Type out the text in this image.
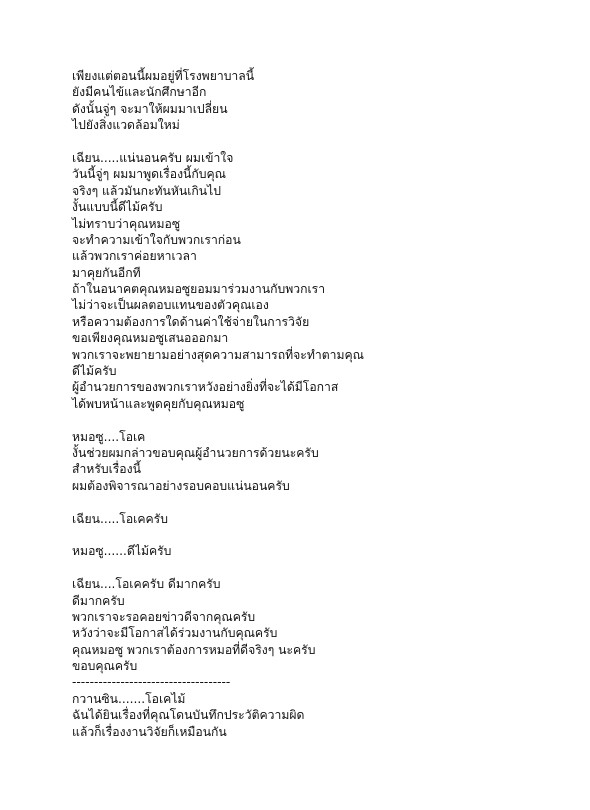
เพียงแต่ตอนนี้ผมอยู่ที่โรงพยาบาลนี้
ยังมีคนไข้และนักศึกษาอีก
ดังนั้นจู่ๆ จะมาให้ผมมาเปลี่ยน
ไปยังสิ่งแวดล้อมใหม่
เฉียน.....แน่นอนครับ ผมเข้าใจ
วันนี้จู่ๆ ผมมาพูดเรื่องนี้กับคุณ
จริงๆ แล้วมันกะทันหันเกินไป
งั้นแบบนี้ดีไม้ครับ
ไม่ทราบว่าคุณหมอซู
จะทำความเข้าใจกับพวกเราก่อน
แล้วพวกเราค่อยหาเวลา
มาคุยกันอีกที
ถ้าในอนาคตคุณหมอซูยอมมาร่วมงานกับพวกเรา
ไม่ว่าจะเป็นผลตอบแทนของตัวคุณเอง
หรือความต้องการใดด้านค่าใช้จ่ายในการวิจัย
ขอเพียงคุณหมอซูเสนอออกมา
พวกเราจะพยายามอย่างสุดความสามารถที่จะทำตามคุณ
ดีไม้ครับ
ผู้อำนวยการของพวกเราหวังอย่างยิ่งที่จะได้มีโอกาส
ได้พบหน้าและพูดคุยกับคุณหมอซู
หมอซู....โอเค
งั้นช่วยผมกล่าวขอบคุณผู้อำนวยการด้วยนะครับ
สำหรับเรื่องนี้
ผมต้องพิจารณาอย่างรอบคอบแน่นอนครับ
เฉียน.....โอเคครับ
หมอซู......ดีไม้ครับ
เฉียน....โอเคครับ ดีมากครับ
ดีมากครับ
พวกเราจะรอคอยข่าวดีจากคุณครับ
หวังว่าจะมีโอกาสได้ร่วมงานกับคุณครับ
คุณหมอซู พวกเราต้องการหมอที่ดีจริงๆ นะครับ
ขอบคุณครับ
------------------------------------
กวานซิน.......โอเคไม้
ฉันได้ยินเรื่องที่คุณโดนบันทึกประวัติความผิด
แล้วก็เรื่องงานวิจัยก็เหมือนกัน
